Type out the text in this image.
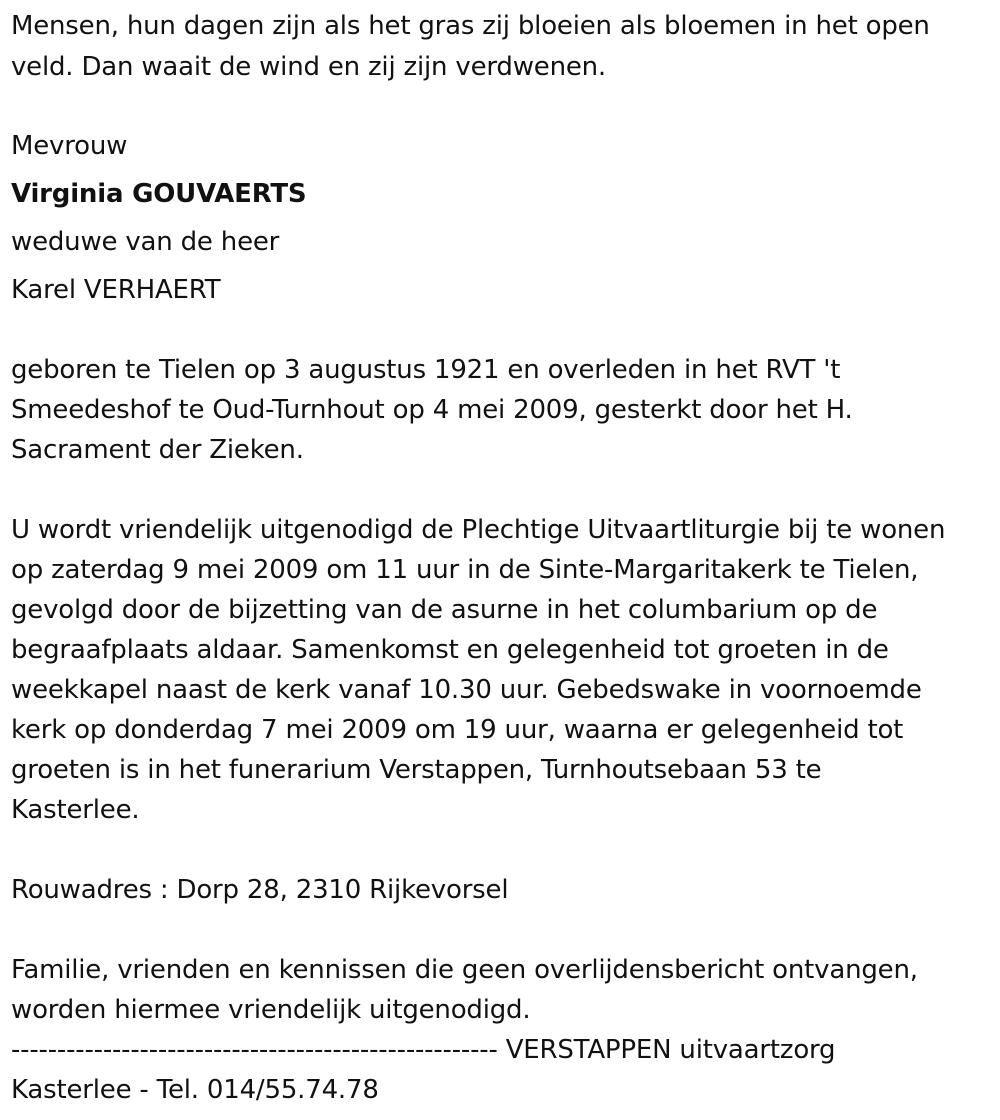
Mensen, hun dagen zijn als het gras zij bloeien als bloemen in het open
veld. Dan waait de wind en zij zijn verdwenen.
Mevrouw
Virginia GOUVAERTS
weduwe van de heer
Karel VERHAERT
geboren te Tielen op 3 augustus 1921 en overleden in het RVT 't
Smeedeshof te Oud-Turnhout op 4 mei 2009, gesterkt door het H.
Sacrament der Zieken.
U wordt vriendelijk uitgenodigd de Plechtige Uitvaartliturgie bij te wonen
op zaterdag 9 mei 2009 om 11 uur in de Sinte-Margaritakerk te Tielen,
gevolgd door de bijzetting van de asurne in het columbarium op de
begraafplaats aldaar. Samenkomst en gelegenheid tot groeten in de
weekkapel naast de kerk vanaf 10.30 uur. Gebedswake in voornoemde
kerk op donderdag 7 mei 2009 om 19 uur, waarna er gelegenheid tot
groeten is in het funerarium Verstappen, Turnhoutsebaan 53 te
Kasterlee.
Rouwadres : Dorp 28, 2310 Rijkevorsel
Familie, vrienden en kennissen die geen overlijdensbericht ontvangen,
worden hiermee vriendelijk uitgenodigd.
----------------------------------------------------- VERSTAPPEN uitvaartzorg
Kasterlee - Tel. 014/55.74.78
